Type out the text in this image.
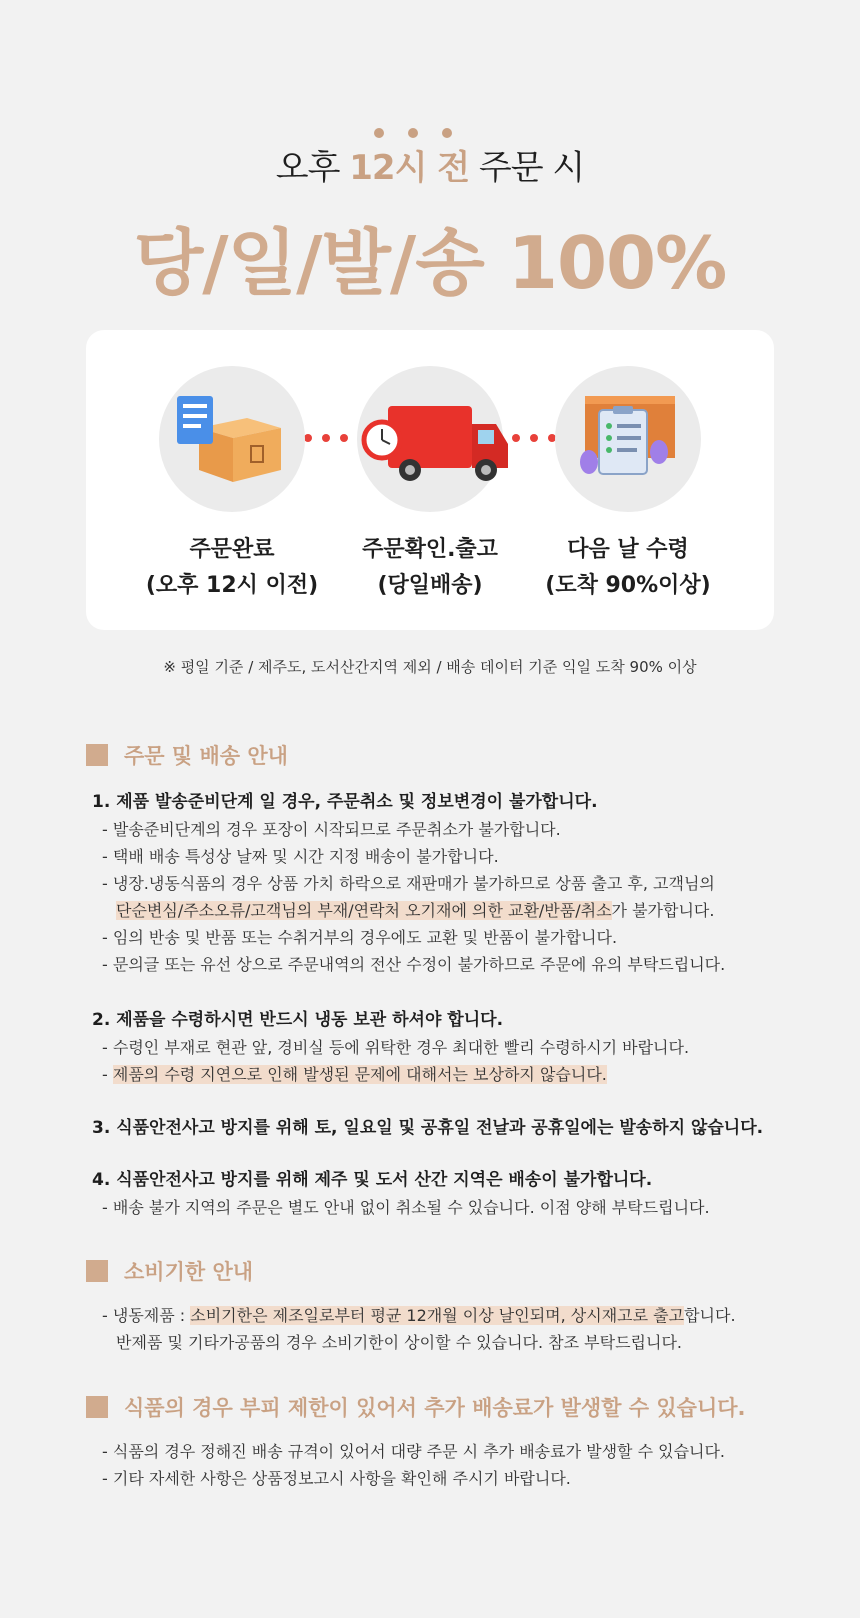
오후 12시 전 주문 시
당/일/발/송 100%
주문완료
(오후 12시 이전)
주문확인.출고
(당일배송)
다음 날 수령
(도착 90%이상)
※ 평일 기준 / 제주도, 도서산간지역 제외 / 배송 데이터 기준 익일 도착 90% 이상
주문 및 배송 안내
1. 제품 발송준비단계 일 경우, 주문취소 및 정보변경이 불가합니다.
- 발송준비단계의 경우 포장이 시작되므로 주문취소가 불가합니다.
- 택배 배송 특성상 날짜 및 시간 지정 배송이 불가합니다.
- 냉장.냉동식품의 경우 상품 가치 하락으로 재판매가 불가하므로 상품 출고 후, 고객님의
단순변심/주소오류/고객님의 부재/연락처 오기재에 의한 교환/반품/취소가 불가합니다.
- 임의 반송 및 반품 또는 수취거부의 경우에도 교환 및 반품이 불가합니다.
- 문의글 또는 유선 상으로 주문내역의 전산 수정이 불가하므로 주문에 유의 부탁드립니다.
2. 제품을 수령하시면 반드시 냉동 보관 하셔야 합니다.
- 수령인 부재로 현관 앞, 경비실 등에 위탁한 경우 최대한 빨리 수령하시기 바랍니다.
- 제품의 수령 지연으로 인해 발생된 문제에 대해서는 보상하지 않습니다.
3. 식품안전사고 방지를 위해 토, 일요일 및 공휴일 전날과 공휴일에는 발송하지 않습니다.
4. 식품안전사고 방지를 위해 제주 및 도서 산간 지역은 배송이 불가합니다.
- 배송 불가 지역의 주문은 별도 안내 없이 취소될 수 있습니다. 이점 양해 부탁드립니다.
소비기한 안내
- 냉동제품 : 소비기한은 제조일로부터 평균 12개월 이상 날인되며, 상시재고로 출고합니다.
반제품 및 기타가공품의 경우 소비기한이 상이할 수 있습니다. 참조 부탁드립니다.
식품의 경우 부피 제한이 있어서 추가 배송료가 발생할 수 있습니다.
- 식품의 경우 정해진 배송 규격이 있어서 대량 주문 시 추가 배송료가 발생할 수 있습니다.
- 기타 자세한 사항은 상품정보고시 사항을 확인해 주시기 바랍니다.
